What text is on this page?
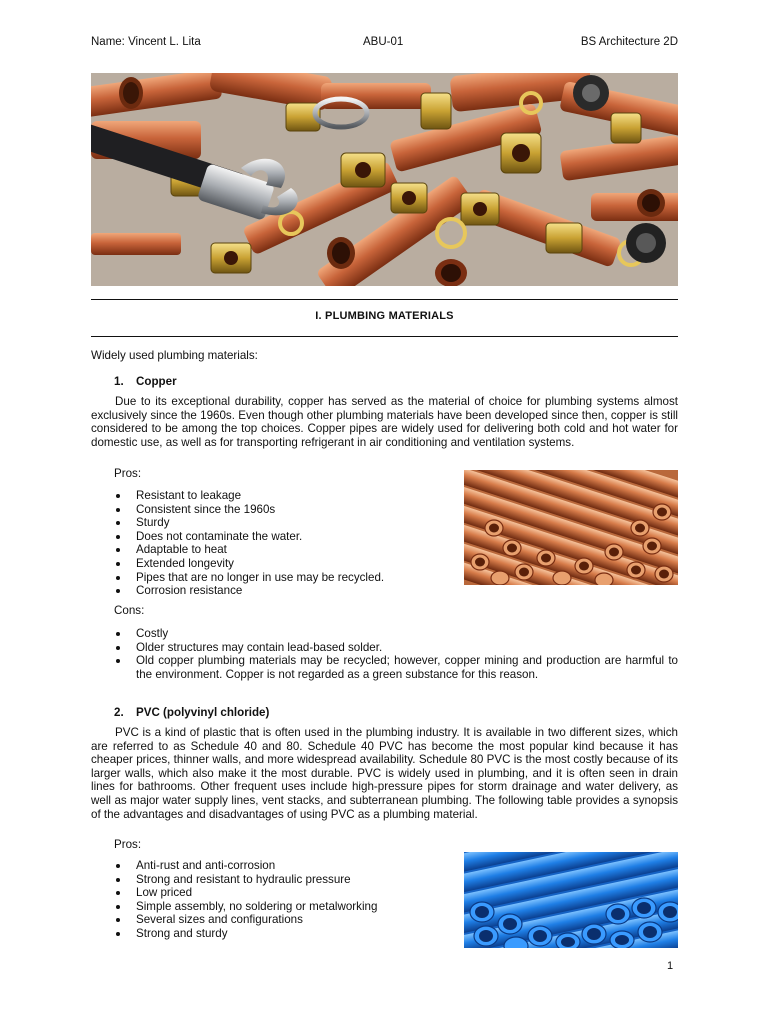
Name: Vincent L. Lita	ABU-01	BS Architecture 2D
I. PLUMBING MATERIALS
Widely used plumbing materials:
1. Copper
Due to its exceptional durability, copper has served as the material of choice for plumbing systems almost exclusively since the 1960s. Even though other plumbing materials have been developed since then, copper is still considered to be among the top choices. Copper pipes are widely used for delivering both cold and hot water for domestic use, as well as for transporting refrigerant in air conditioning and ventilation systems.
Pros:
Resistant to leakage
Consistent since the 1960s
Sturdy
Does not contaminate the water.
Adaptable to heat
Extended longevity
Pipes that are no longer in use may be recycled.
Corrosion resistance
Cons:
Costly
Older structures may contain lead-based solder.
Old copper plumbing materials may be recycled; however, copper mining and production are harmful to the environment. Copper is not regarded as a green substance for this reason.
2. PVC (polyvinyl chloride)
PVC is a kind of plastic that is often used in the plumbing industry. It is available in two different sizes, which are referred to as Schedule 40 and 80. Schedule 40 PVC has become the most popular kind because it has cheaper prices, thinner walls, and more widespread availability. Schedule 80 PVC is the most costly because of its larger walls, which also make it the most durable. PVC is widely used in plumbing, and it is often seen in drain lines for bathrooms. Other frequent uses include high-pressure pipes for storm drainage and water delivery, as well as major water supply lines, vent stacks, and subterranean plumbing. The following table provides a synopsis of the advantages and disadvantages of using PVC as a plumbing material.
Pros:
Anti-rust and anti-corrosion
Strong and resistant to hydraulic pressure
Low priced
Simple assembly, no soldering or metalworking
Several sizes and configurations
Strong and sturdy
1
